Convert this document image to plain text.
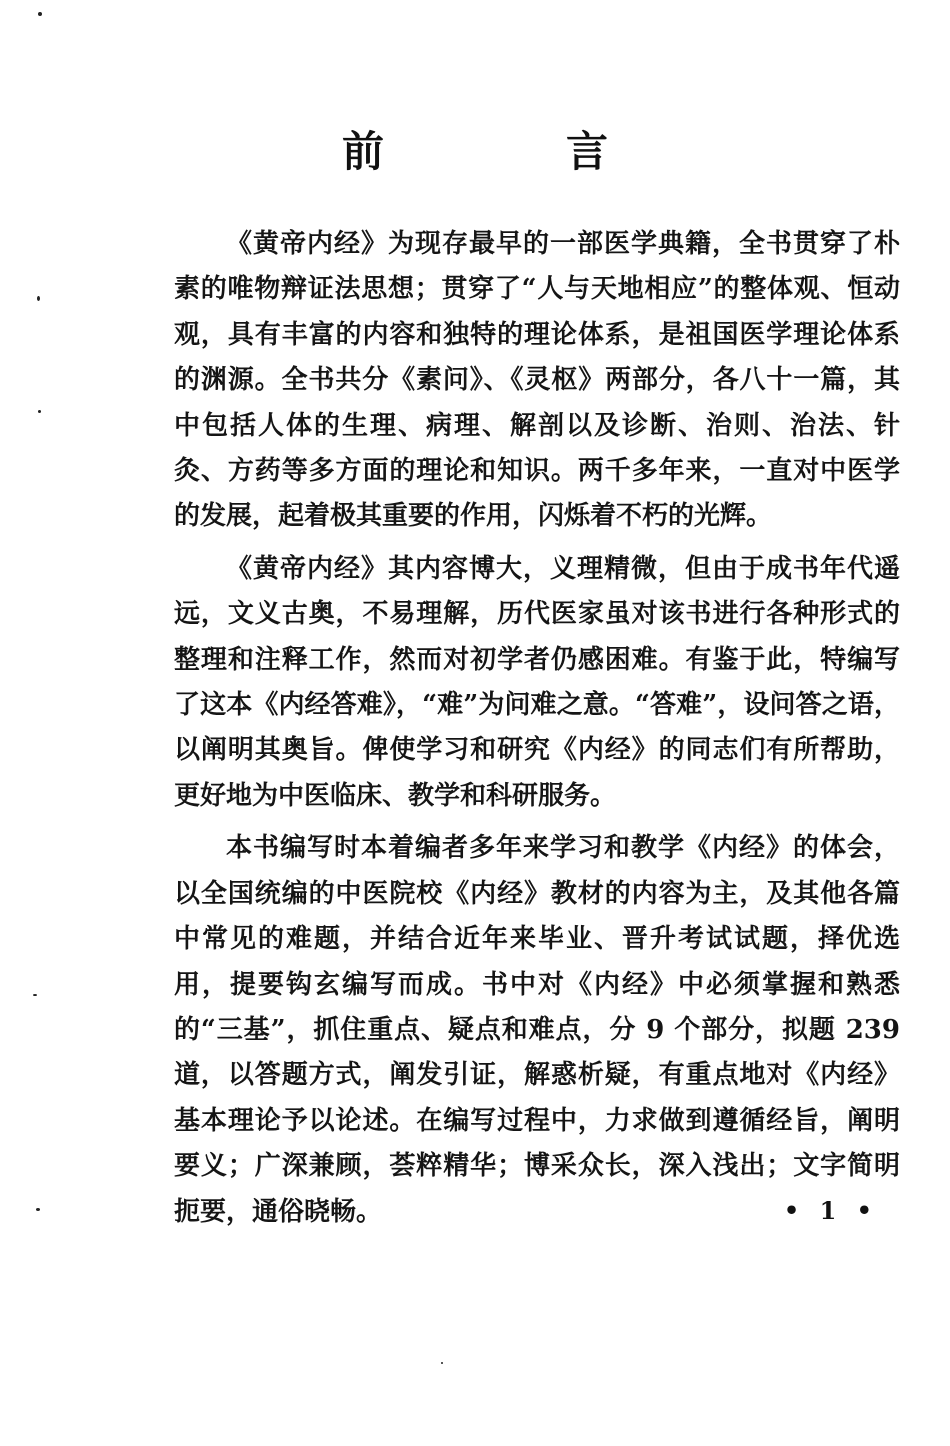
前　言

《黄帝内经》为现存最早的一部医学典籍，全书贯穿了朴素的唯物辩证法思想；贯穿了“人与天地相应”的整体观、恒动观，具有丰富的内容和独特的理论体系，是祖国医学理论体系的渊源。全书共分《素问》、《灵枢》两部分，各八十一篇，其中包括人体的生理、病理、解剖以及诊断、治则、治法、针灸、方药等多方面的理论和知识。两千多年来，一直对中医学的发展，起着极其重要的作用，闪烁着不朽的光辉。

《黄帝内经》其内容博大，义理精微，但由于成书年代遥远，文义古奥，不易理解，历代医家虽对该书进行各种形式的整理和注释工作，然而对初学者仍感困难。有鉴于此，特编写了这本《内经答难》，“难”为问难之意。“答难”，设问答之语，以阐明其奥旨。俾使学习和研究《内经》的同志们有所帮助，更好地为中医临床、教学和科研服务。

本书编写时本着编者多年来学习和教学《内经》的体会，以全国统编的中医院校《内经》教材的内容为主，及其他各篇中常见的难题，并结合近年来毕业、晋升考试试题，择优选用，提要钩玄编写而成。书中对《内经》中必须掌握和熟悉的“三基”，抓住重点、疑点和难点，分 9 个部分，拟题 239 道，以答题方式，阐发引证，解惑析疑，有重点地对《内经》基本理论予以论述。在编写过程中，力求做到遵循经旨，阐明要义；广深兼顾，荟粹精华；博采众长，深入浅出；文字简明扼要，通俗晓畅。	• 1 •
